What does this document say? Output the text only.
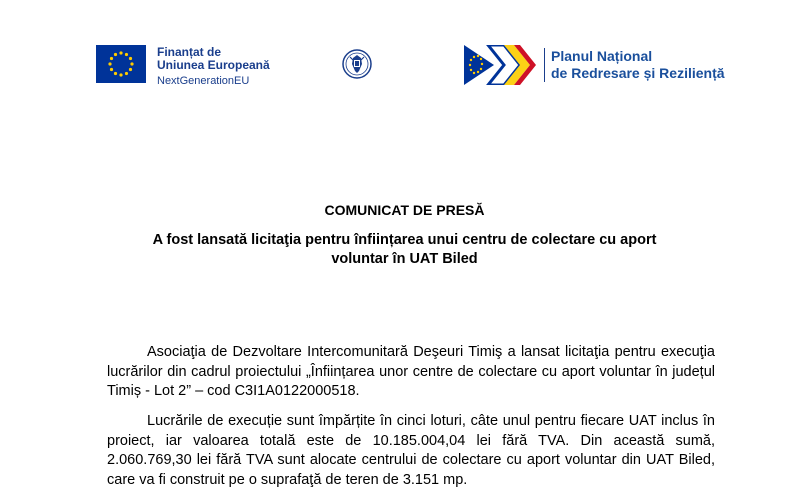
Finanțat de
Uniunea Europeană
NextGenerationEU
Planul Național
de Redresare și Reziliență
COMUNICAT DE PRESĂ
A fost lansată licitaţia pentru înființarea unui centru de colectare cu aport
voluntar în UAT Biled
Asociaţia de Dezvoltare Intercomunitară Deşeuri Timiş a lansat licitaţia pentru execuţia lucrărilor din cadrul proiectului „Înființarea unor centre de colectare cu aport voluntar în județul Timiș - Lot 2” – cod C3I1A0122000518.
Lucrările de execuție sunt împărțite în cinci loturi, câte unul pentru fiecare UAT inclus în proiect, iar valoarea totală este de 10.185.004,04 lei fără TVA. Din această sumă, 2.060.769,30 lei fără TVA sunt alocate centrului de colectare cu aport voluntar din UAT Biled, care va fi construit pe o suprafaţă de teren de 3.151 mp.
